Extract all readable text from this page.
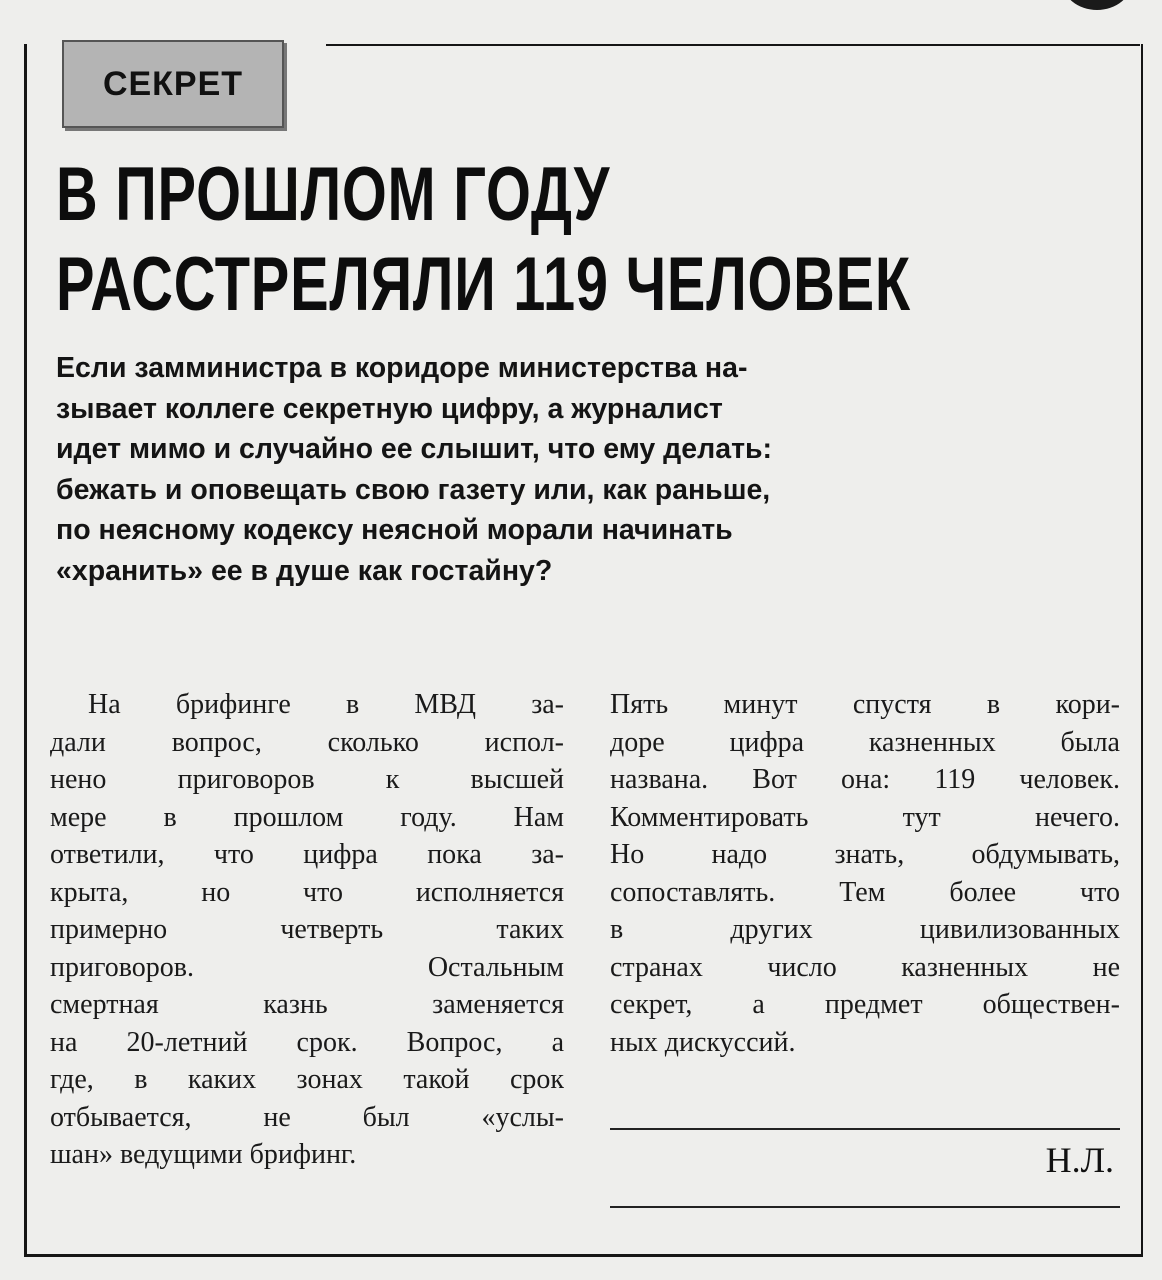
СЕКРЕТ
В ПРОШЛОМ ГОДУ
РАССТРЕЛЯЛИ 119 ЧЕЛОВЕК

Если замминистра в коридоре министерства на-
зывает коллеге секретную цифру, а журналист
идет мимо и случайно ее слышит, что ему делать:
бежать и оповещать свою газету или, как раньше,
по неясному кодексу неясной морали начинать
«хранить» ее в душе как гостайну?

На брифинге в МВД за-
дали вопрос, сколько испол-
нено приговоров к высшей
мере в прошлом году. Нам
ответили, что цифра пока за-
крыта, но что исполняется
примерно четверть таких
приговоров. Остальным
смертная казнь заменяется
на 20-летний срок. Вопрос, а
где, в каких зонах такой срок
отбывается, не был «услы-
шан» ведущими брифинг.
Пять минут спустя в кори-
доре цифра казненных была
названа. Вот она: 119 человек.
Комментировать тут нечего.
Но надо знать, обдумывать,
сопоставлять. Тем более что
в других цивилизованных
странах число казненных не
секрет, а предмет обществен-
ных дискуссий.
Н.Л.
